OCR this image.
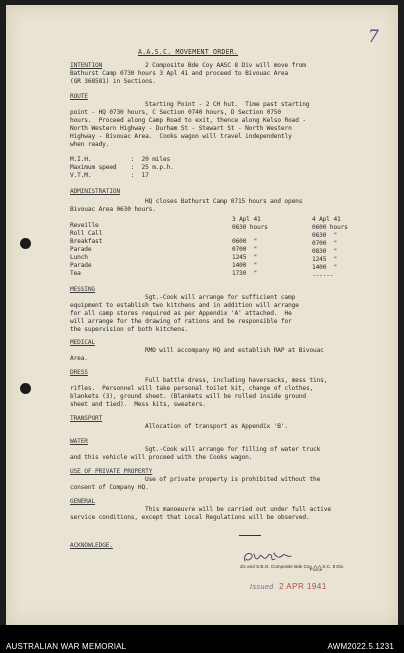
7
A.A.S.C. MOVEMENT ORDER.
INTENTION	2 Composite Bde Coy AASC 8 Div will move from
Bathurst Camp 0730 hours 3 Apl 41 and proceed to Bivouac Area
(GR 368581) in Sections.
ROUTE
Starting Point - 2 CH hut.  Time past starting
point - HQ 0730 hours, C Section 0740 hours, D Section 0750
hours.  Proceed along Camp Road to exit, thence along Kelso Road -
North Western Highway - Durham St - Stewart St - North Western
Highway - Bivouac Area.  Cooks wagon will travel independently
when ready.
M.I.H.           :  20 miles
Maximum speed    :  25 m.p.h.
V.T.M.           :  17
ADMINISTRATION
HQ closes Bathurst Camp 0715 hours and opens
Bivouac Area 0630 hours.
3 Apl 41
0630 hours
4 Apl 41
0600 hours
Reveille
Roll Call
Breakfast
Parade
Lunch
Parade
Tea
0600  "
0700  "
1245  "
1400  "
1730  "
0630  "
0700  "
0830  "
1245  "
1400  "
------
MESSING
Sgt.-Cook will arrange for sufficient camp
equipment to establish two kitchens and in addition will arrange
for all camp stores required as per Appendix 'A' attached.  He
will arrange for the drawing of rations and be responsible for
the supervision of both kitchens.
MEDICAL
RMO will accompany HQ and establish RAP at Bivouac
Area.
DRESS
Full battle dress, including haversacks, mess tins,
rifles.  Personnel will take personal toilet kit, change of clothes,
blankets (3), ground sheet. (Blankets will be rolled inside ground
sheet and tied).  Mess kits, sweaters.
TRANSPORT
Allocation of transport as Appendix 'B'.
WATER
Sgt.-Cook will arrange for filling of water truck
and this vehicle will proceed with the Cooks wagon.
USE OF PRIVATE PROPERTY
Use of private property is prohibited without the
consent of Company HQ.
GENERAL
This manoeuvre will be carried out under full active
service conditions, except that Local Regulations will be observed.
ACKNOWLEDGE.
2lc and S.B.O. Composite Bde Coy. A.A.S.C. 8 Div.
Force
Issued 2 APR 1941
AUSTRALIAN WAR MEMORIAL	AWM2022.5.1231
